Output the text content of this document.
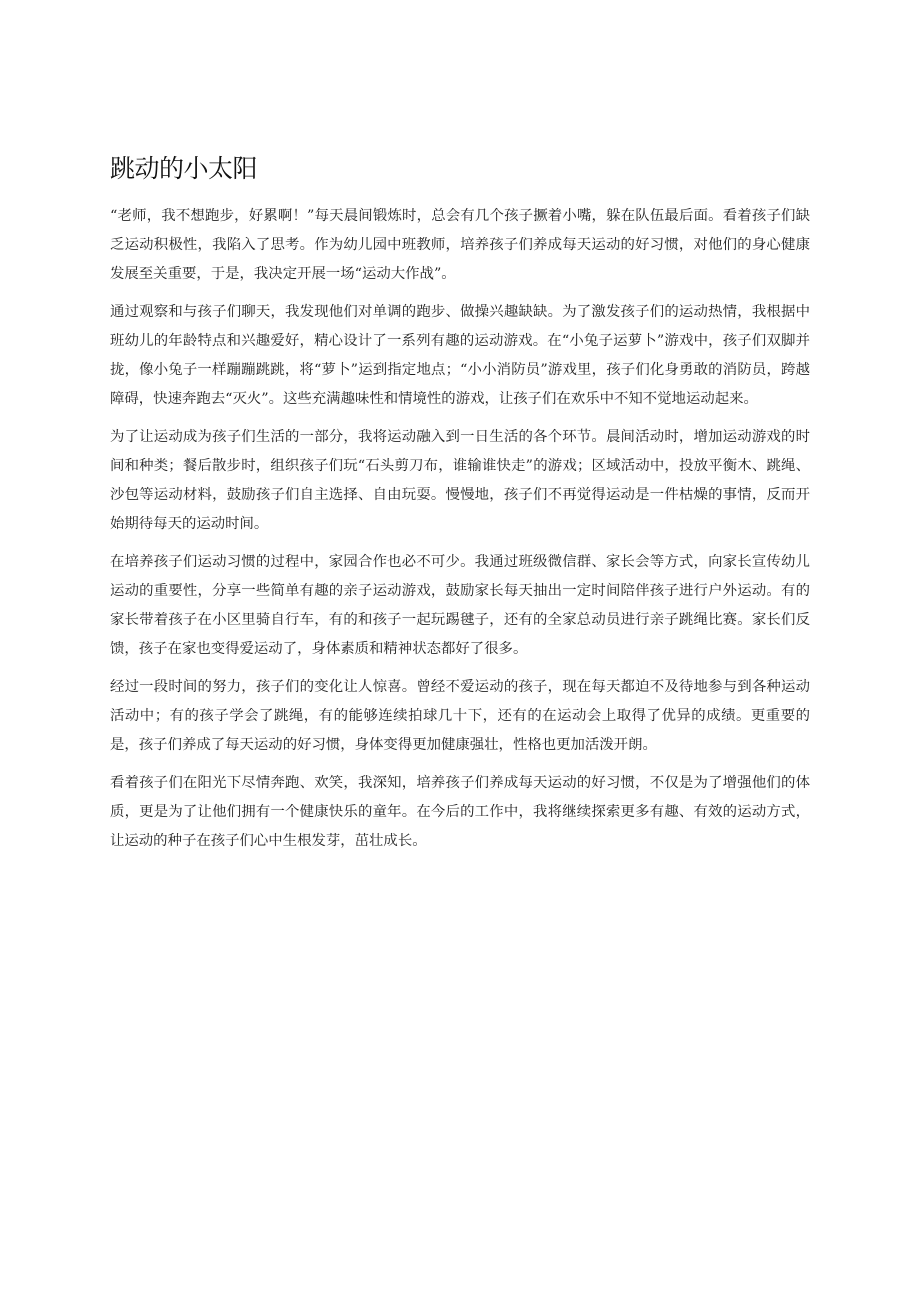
跳动的小太阳

“老师，我不想跑步，好累啊！”每天晨间锻炼时，总会有几个孩子撅着小嘴，躲在队伍最后面。看着孩子们缺乏运动积极性，我陷入了思考。作为幼儿园中班教师，培养孩子们养成每天运动的好习惯，对他们的身心健康发展至关重要，于是，我决定开展一场“运动大作战”。

通过观察和与孩子们聊天，我发现他们对单调的跑步、做操兴趣缺缺。为了激发孩子们的运动热情，我根据中班幼儿的年龄特点和兴趣爱好，精心设计了一系列有趣的运动游戏。在“小兔子运萝卜”游戏中，孩子们双脚并拢，像小兔子一样蹦蹦跳跳，将“萝卜”运到指定地点；“小小消防员”游戏里，孩子们化身勇敢的消防员，跨越障碍，快速奔跑去“灭火”。这些充满趣味性和情境性的游戏，让孩子们在欢乐中不知不觉地运动起来。

为了让运动成为孩子们生活的一部分，我将运动融入到一日生活的各个环节。晨间活动时，增加运动游戏的时间和种类；餐后散步时，组织孩子们玩“石头剪刀布，谁输谁快走”的游戏；区域活动中，投放平衡木、跳绳、沙包等运动材料，鼓励孩子们自主选择、自由玩耍。慢慢地，孩子们不再觉得运动是一件枯燥的事情，反而开始期待每天的运动时间。

在培养孩子们运动习惯的过程中，家园合作也必不可少。我通过班级微信群、家长会等方式，向家长宣传幼儿运动的重要性，分享一些简单有趣的亲子运动游戏，鼓励家长每天抽出一定时间陪伴孩子进行户外运动。有的家长带着孩子在小区里骑自行车，有的和孩子一起玩踢毽子，还有的全家总动员进行亲子跳绳比赛。家长们反馈，孩子在家也变得爱运动了，身体素质和精神状态都好了很多。

经过一段时间的努力，孩子们的变化让人惊喜。曾经不爱运动的孩子，现在每天都迫不及待地参与到各种运动活动中；有的孩子学会了跳绳，有的能够连续拍球几十下，还有的在运动会上取得了优异的成绩。更重要的是，孩子们养成了每天运动的好习惯，身体变得更加健康强壮，性格也更加活泼开朗。

看着孩子们在阳光下尽情奔跑、欢笑，我深知，培养孩子们养成每天运动的好习惯，不仅是为了增强他们的体质，更是为了让他们拥有一个健康快乐的童年。在今后的工作中，我将继续探索更多有趣、有效的运动方式，让运动的种子在孩子们心中生根发芽，茁壮成长。
